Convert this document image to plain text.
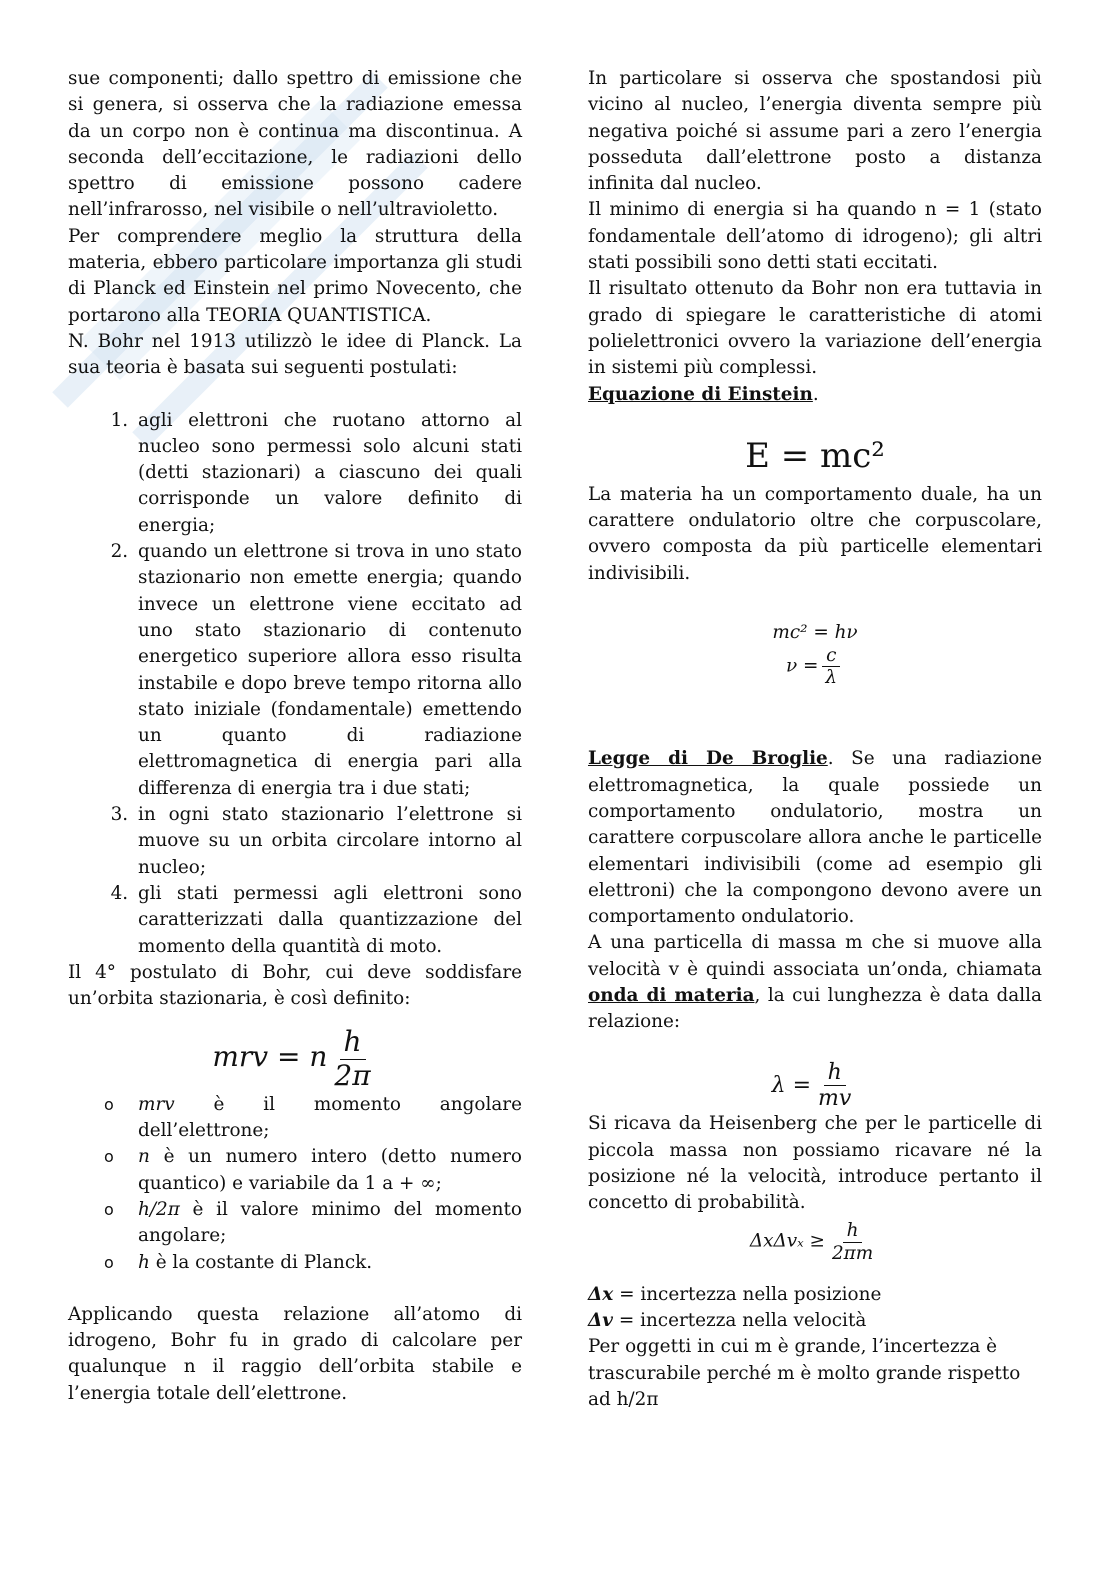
sue componenti; dallo spettro di emissione che si genera, si osserva che la radiazione emessa da un corpo non è continua ma discontinua. A seconda dell’eccitazione, le radiazioni dello spettro di emissione possono cadere nell’infrarosso, nel visibile o nell’ultravioletto.

Per comprendere meglio la struttura della materia, ebbero particolare importanza gli studi di Planck ed Einstein nel primo Novecento, che portarono alla TEORIA QUANTISTICA.

N. Bohr nel 1913 utilizzò le idee di Planck. La sua teoria è basata sui seguenti postulati:

1. agli elettroni che ruotano attorno al nucleo sono permessi solo alcuni stati (detti stazionari) a ciascuno dei quali corrisponde un valore definito di energia;
2. quando un elettrone si trova in uno stato stazionario non emette energia; quando invece un elettrone viene eccitato ad uno stato stazionario di contenuto energetico superiore allora esso risulta instabile e dopo breve tempo ritorna allo stato iniziale (fondamentale) emettendo un quanto di radiazione elettromagnetica di energia pari alla differenza di energia tra i due stati;
3. in ogni stato stazionario l’elettrone si muove su un orbita circolare intorno al nucleo;
4. gli stati permessi agli elettroni sono caratterizzati dalla quantizzazione del momento della quantità di moto.

Il 4° postulato di Bohr, cui deve soddisfare un’orbita stazionaria, è così definito:

mrv = n $\frac{h}{2\pi}$
o mrv è il momento angolare dell’elettrone;
o n è un numero intero (detto numero quantico) e variabile da 1 a + ∞;
o h/2π è il valore minimo del momento angolare;
o h è la costante di Planck.

Applicando questa relazione all’atomo di idrogeno, Bohr fu in grado di calcolare per qualunque n il raggio dell’orbita stabile e l’energia totale dell’elettrone.

In particolare si osserva che spostandosi più vicino al nucleo, l’energia diventa sempre più negativa poiché si assume pari a zero l’energia posseduta dall’elettrone posto a distanza infinita dal nucleo.

Il minimo di energia si ha quando n = 1 (stato fondamentale dell’atomo di idrogeno); gli altri stati possibili sono detti stati eccitati.

Il risultato ottenuto da Bohr non era tuttavia in grado di spiegare le caratteristiche di atomi polielettronici ovvero la variazione dell’energia in sistemi più complessi.

Equazione di Einstein.

E = mc²

La materia ha un comportamento duale, ha un carattere ondulatorio oltre che corpuscolare, ovvero composta da più particelle elementari indivisibili.

mc² = hν
$\nu = \frac{c}{\lambda}$

Legge di De Broglie. Se una radiazione elettromagnetica, la quale possiede un comportamento ondulatorio, mostra un carattere corpuscolare allora anche le particelle elementari indivisibili (come ad esempio gli elettroni) che la compongono devono avere un comportamento ondulatorio.

A una particella di massa m che si muove alla velocità v è quindi associata un’onda, chiamata onda di materia, la cui lunghezza è data dalla relazione:

$\lambda = \frac{h}{mv}$

Si ricava da Heisenberg che per le particelle di piccola massa non possiamo ricavare né la posizione né la velocità, introduce pertanto il concetto di probabilità.

$\Delta x\Delta v_x \ge \frac{h}{2\pi m}$

Δx = incertezza nella posizione

Δv = incertezza nella velocità

Per oggetti in cui m è grande, l’incertezza è trascurabile perché m è molto grande rispetto ad h/2π
